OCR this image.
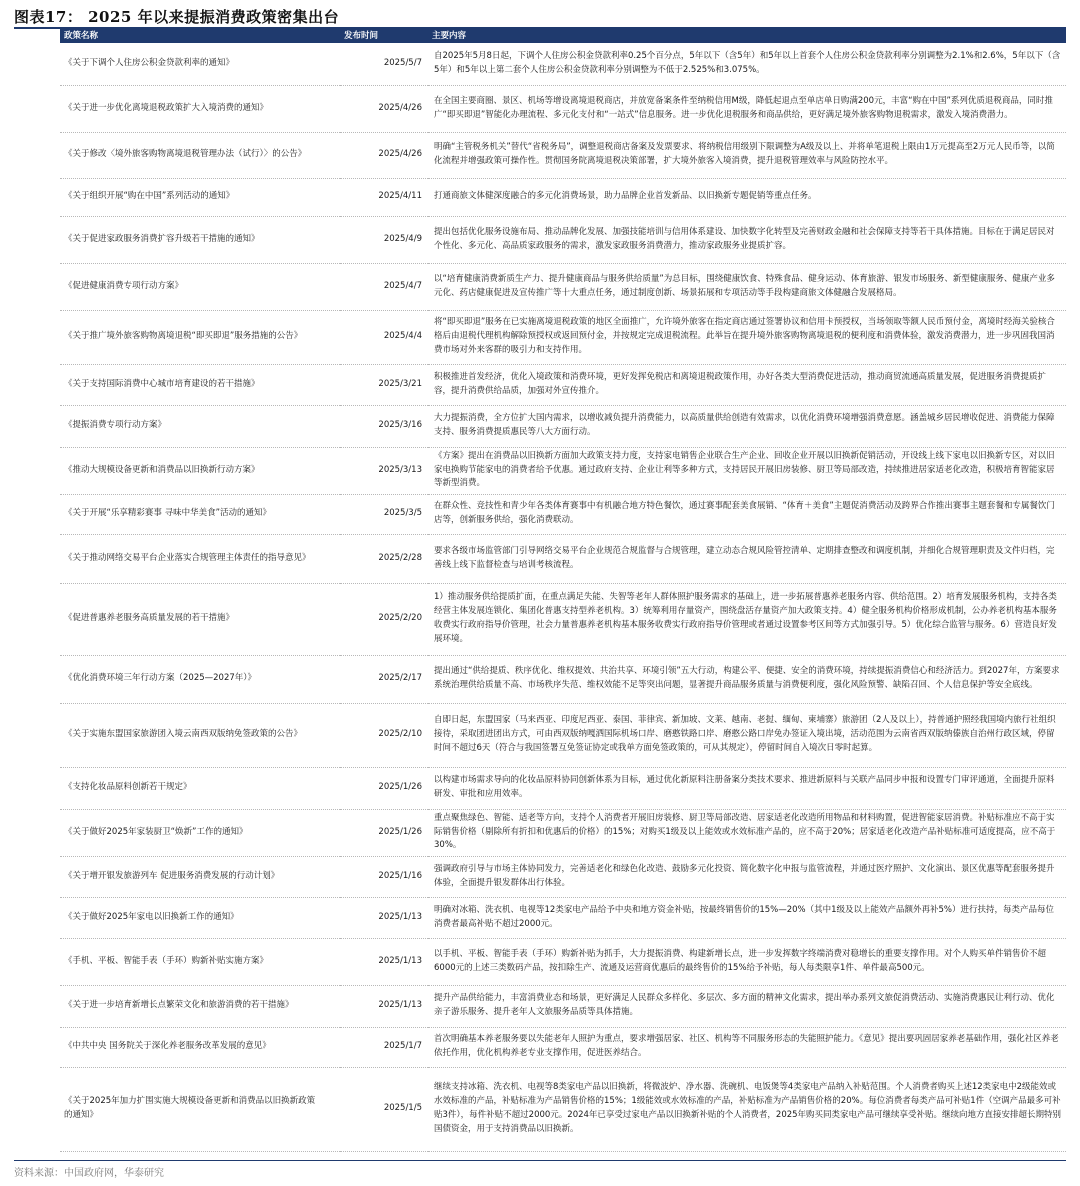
图表17： 2025 年以来提振消费政策密集出台
政策名称	发布时间	主要内容
《关于下调个人住房公积金贷款利率的通知》	2025/5/7	自2025年5月8日起，下调个人住房公积金贷款利率0.25个百分点，5年以下（含5年）和5年以上首套个人住房公积金贷款利率分别调整为2.1%和2.6%，5年以下（含5年）和5年以上第二套个人住房公积金贷款利率分别调整为不低于2.525%和3.075%。
《关于进一步优化离境退税政策扩大入境消费的通知》	2025/4/26	在全国主要商圈、景区、机场等增设离境退税商店，并放宽备案条件至纳税信用M级，降低起退点至单店单日购满200元，丰富“购在中国”系列优质退税商品，同时推广“即买即退”智能化办理流程、多元化支付和“一站式”信息服务。进一步优化退税服务和商品供给，更好满足境外旅客购物退税需求，激发入境消费潜力。
《关于修改〈境外旅客购物离境退税管理办法（试行）〉的公告》	2025/4/26	明确“主管税务机关”替代“省税务局”，调整退税商店备案及发票要求、将纳税信用级别下限调整为A级及以上、并将单笔退税上限由1万元提高至2万元人民币等，以简化流程并增强政策可操作性。贯彻国务院离境退税决策部署，扩大境外旅客入境消费，提升退税管理效率与风险防控水平。
《关于组织开展“购在中国”系列活动的通知》	2025/4/11	打通商旅文体健深度融合的多元化消费场景，助力品牌企业首发新品、以旧换新专题促销等重点任务。
《关于促进家政服务消费扩容升级若干措施的通知》	2025/4/9	提出包括优化服务设施布局、推动品牌化发展、加强技能培训与信用体系建设、加快数字化转型及完善财政金融和社会保障支持等若干具体措施。目标在于满足居民对个性化、多元化、高品质家政服务的需求，激发家政服务消费潜力，推动家政服务业提质扩容。
《促进健康消费专项行动方案》	2025/4/7	以“培育健康消费新质生产力、提升健康商品与服务供给质量”为总目标，围绕健康饮食、特殊食品、健身运动、体育旅游、银发市场服务、新型健康服务、健康产业多元化、药店健康促进及宣传推广等十大重点任务，通过制度创新、场景拓展和专项活动等手段构建商旅文体健融合发展格局。
《关于推广境外旅客购物离境退税“即买即退”服务措施的公告》	2025/4/4	将“即买即退”服务在已实施离境退税政策的地区全面推广，允许境外旅客在指定商店通过签署协议和信用卡预授权，当场领取等额人民币预付金，离境时经海关验核合格后由退税代理机构解除预授权或返回预付金，并按规定完成退税流程。此举旨在提升境外旅客购物离境退税的便利度和消费体验，激发消费潜力，进一步巩固我国消费市场对外来客群的吸引力和支持作用。
《关于支持国际消费中心城市培育建设的若干措施》	2025/3/21	积极推进首发经济，优化入境政策和消费环境，更好发挥免税店和离境退税政策作用，办好各类大型消费促进活动，推动商贸流通高质量发展，促进服务消费提质扩容，提升消费供给品质，加强对外宣传推介。
《提振消费专项行动方案》	2025/3/16	大力提振消费，全方位扩大国内需求，以增收减负提升消费能力，以高质量供给创造有效需求，以优化消费环境增强消费意愿。涵盖城乡居民增收促进、消费能力保障支持、服务消费提质惠民等八大方面行动。
《推动大规模设备更新和消费品以旧换新行动方案》	2025/3/13	《方案》提出在消费品以旧换新方面加大政策支持力度，支持家电销售企业联合生产企业、回收企业开展以旧换新促销活动，开设线上线下家电以旧换新专区，对以旧家电换购节能家电的消费者给予优惠。通过政府支持、企业让利等多种方式，支持居民开展旧房装修、厨卫等局部改造，持续推进居家适老化改造，积极培育智能家居等新型消费。
《关于开展“乐享精彩赛事 寻味中华美食”活动的通知》	2025/3/5	在群众性、竞技性和青少年各类体育赛事中有机融合地方特色餐饮，通过赛事配套美食展销、“体育＋美食”主题促消费活动及跨界合作推出赛事主题套餐和专属餐饮门店等，创新服务供给，强化消费联动。
《关于推动网络交易平台企业落实合规管理主体责任的指导意见》	2025/2/28	要求各级市场监管部门引导网络交易平台企业规范合规监督与合规管理，建立动态合规风险管控清单、定期排查整改和调度机制，并细化合规管理职责及文件归档，完善线上线下监督检查与培训考核流程。
《促进普惠养老服务高质量发展的若干措施》	2025/2/20	1）推动服务供给提质扩面，在重点满足失能、失智等老年人群体照护服务需求的基础上，进一步拓展普惠养老服务内容、供给范围。2）培育发展服务机构，支持各类经营主体发展连锁化、集团化普惠支持型养老机构。3）统筹利用存量资产，围绕盘活存量资产加大政策支持。4）健全服务机构价格形成机制，公办养老机构基本服务收费实行政府指导价管理，社会力量普惠养老机构基本服务收费实行政府指导价管理或者通过设置参考区间等方式加强引导。5）优化综合监管与服务。6）营造良好发展环境。
《优化消费环境三年行动方案（2025—2027年）》	2025/2/17	提出通过“供给提质、秩序优化、维权提效、共治共享、环境引领”五大行动，构建公平、便捷、安全的消费环境，持续提振消费信心和经济活力。到2027年，方案要求系统治理供给质量不高、市场秩序失范、维权效能不足等突出问题，显著提升商品服务质量与消费便利度，强化风险预警、缺陷召回、个人信息保护等安全底线。
《关于实施东盟国家旅游团入境云南西双版纳免签政策的公告》	2025/2/10	自即日起，东盟国家（马来西亚、印度尼西亚、泰国、菲律宾、新加坡、文莱、越南、老挝、缅甸、柬埔寨）旅游团（2人及以上），持普通护照经我国境内旅行社组织接待，采取团进团出方式，可由西双版纳嘎洒国际机场口岸、磨憨铁路口岸、磨憨公路口岸免办签证入境出境，活动范围为云南省西双版纳傣族自治州行政区域，停留时间不超过6天（符合与我国签署互免签证协定或我单方面免签政策的，可从其规定），停留时间自入境次日零时起算。
《支持化妆品原料创新若干规定》	2025/1/26	以构建市场需求导向的化妆品原料协同创新体系为目标，通过优化新原料注册备案分类技术要求、推进新原料与关联产品同步申报和设置专门审评通道，全面提升原料研发、审批和应用效率。
《关于做好2025年家装厨卫“焕新”工作的通知》	2025/1/26	重点聚焦绿色、智能、适老等方向，支持个人消费者开展旧房装修、厨卫等局部改造、居家适老化改造所用物品和材料购置，促进智能家居消费。补贴标准应不高于实际销售价格（剔除所有折扣和优惠后的价格）的15%；对购买1级及以上能效或水效标准产品的，应不高于20%；居家适老化改造产品补贴标准可适度提高，应不高于30%。
《关于增开银发旅游列车 促进服务消费发展的行动计划》	2025/1/16	强调政府引导与市场主体协同发力，完善适老化和绿色化改造、鼓励多元化投资、简化数字化申报与监管流程，并通过医疗照护、文化演出、景区优惠等配套服务提升体验，全面提升银发群体出行体验。
《关于做好2025年家电以旧换新工作的通知》	2025/1/13	明确对冰箱、洗衣机、电视等12类家电产品给予中央和地方资金补贴，按最终销售价的15%—20%（其中1级及以上能效产品额外再补5%）进行扶持，每类产品每位消费者最高补贴不超过2000元。
《手机、平板、智能手表（手环）购新补贴实施方案》	2025/1/13	以手机、平板、智能手表（手环）购新补贴为抓手，大力提振消费、构建新增长点，进一步发挥数字终端消费对稳增长的重要支撑作用。对个人购买单件销售价不超6000元的上述三类数码产品，按扣除生产、流通及运营商优惠后的最终售价的15%给予补贴，每人每类限享1件、单件最高500元。
《关于进一步培育新增长点繁荣文化和旅游消费的若干措施》	2025/1/13	提升产品供给能力，丰富消费业态和场景，更好满足人民群众多样化、多层次、多方面的精神文化需求，提出举办系列文旅促消费活动、实施消费惠民让利行动、优化亲子游乐服务、提升老年人文旅服务品质等具体措施。
《中共中央 国务院关于深化养老服务改革发展的意见》	2025/1/7	首次明确基本养老服务要以失能老年人照护为重点，要求增强居家、社区、机构等不同服务形态的失能照护能力。《意见》提出要巩固居家养老基础作用，强化社区养老依托作用，优化机构养老专业支撑作用，促进医养结合。
《关于2025年加力扩围实施大规模设备更新和消费品以旧换新政策的通知》	2025/1/5	继续支持冰箱、洗衣机、电视等8类家电产品以旧换新，将微波炉、净水器、洗碗机、电饭煲等4类家电产品纳入补贴范围。个人消费者购买上述12类家电中2级能效或水效标准的产品，补贴标准为产品销售价格的15%；1级能效或水效标准的产品，补贴标准为产品销售价格的20%。每位消费者每类产品可补贴1件（空调产品最多可补贴3件），每件补贴不超过2000元。2024年已享受过家电产品以旧换新补贴的个人消费者，2025年购买同类家电产品可继续享受补贴。继续向地方直接安排超长期特别国债资金，用于支持消费品以旧换新。
资料来源：中国政府网，华泰研究
